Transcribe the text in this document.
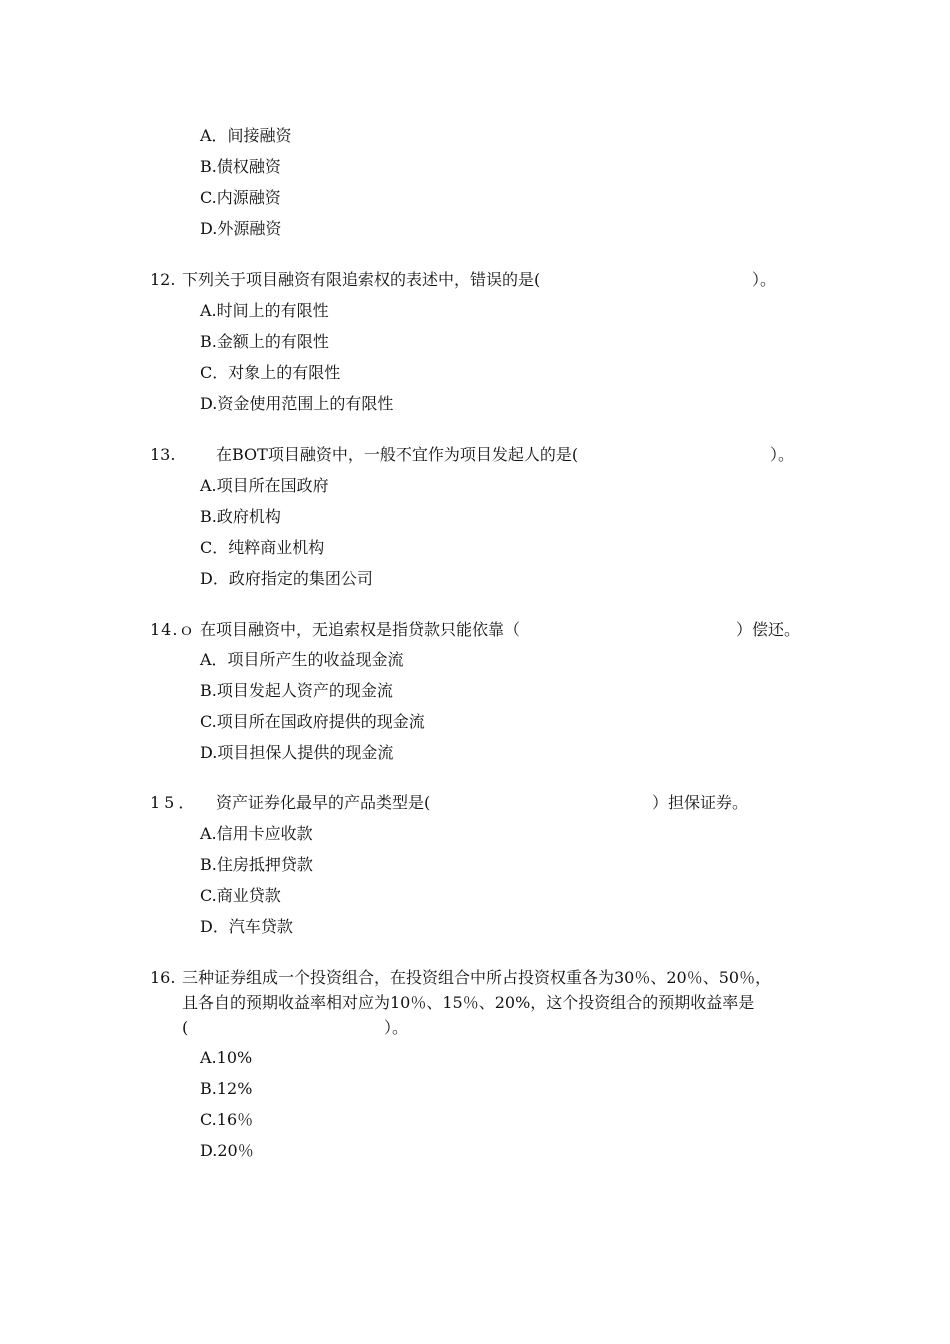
A．间接融资
B.债权融资
C.内源融资
D.外源融资
12. 下列关于项目融资有限追索权的表述中，错误的是(	）。
A.时间上的有限性
B.金额上的有限性
C．对象上的有限性
D.资金使用范围上的有限性
13.	在BOT项目融资中，一般不宜作为项目发起人的是(	）。
A.项目所在国政府
B.政府机构
C．纯粹商业机构
D．政府指定的集团公司
14.ｏ 在项目融资中，无追索权是指贷款只能依靠（	）偿还。
A．项目所产生的收益现金流
B.项目发起人资产的现金流
C.项目所在国政府提供的现金流
D.项目担保人提供的现金流
15． 资产证券化最早的产品类型是(	）担保证券。
A.信用卡应收款
B.住房抵押贷款
C.商业贷款
D．汽车贷款
16. 三种证券组成一个投资组合，在投资组合中所占投资权重各为30％、20％、50％，
且各自的预期收益率相对应为10％、15％、20%，这个投资组合的预期收益率是
(	）。
A.10%
B.12%
C.16％
D.20％
